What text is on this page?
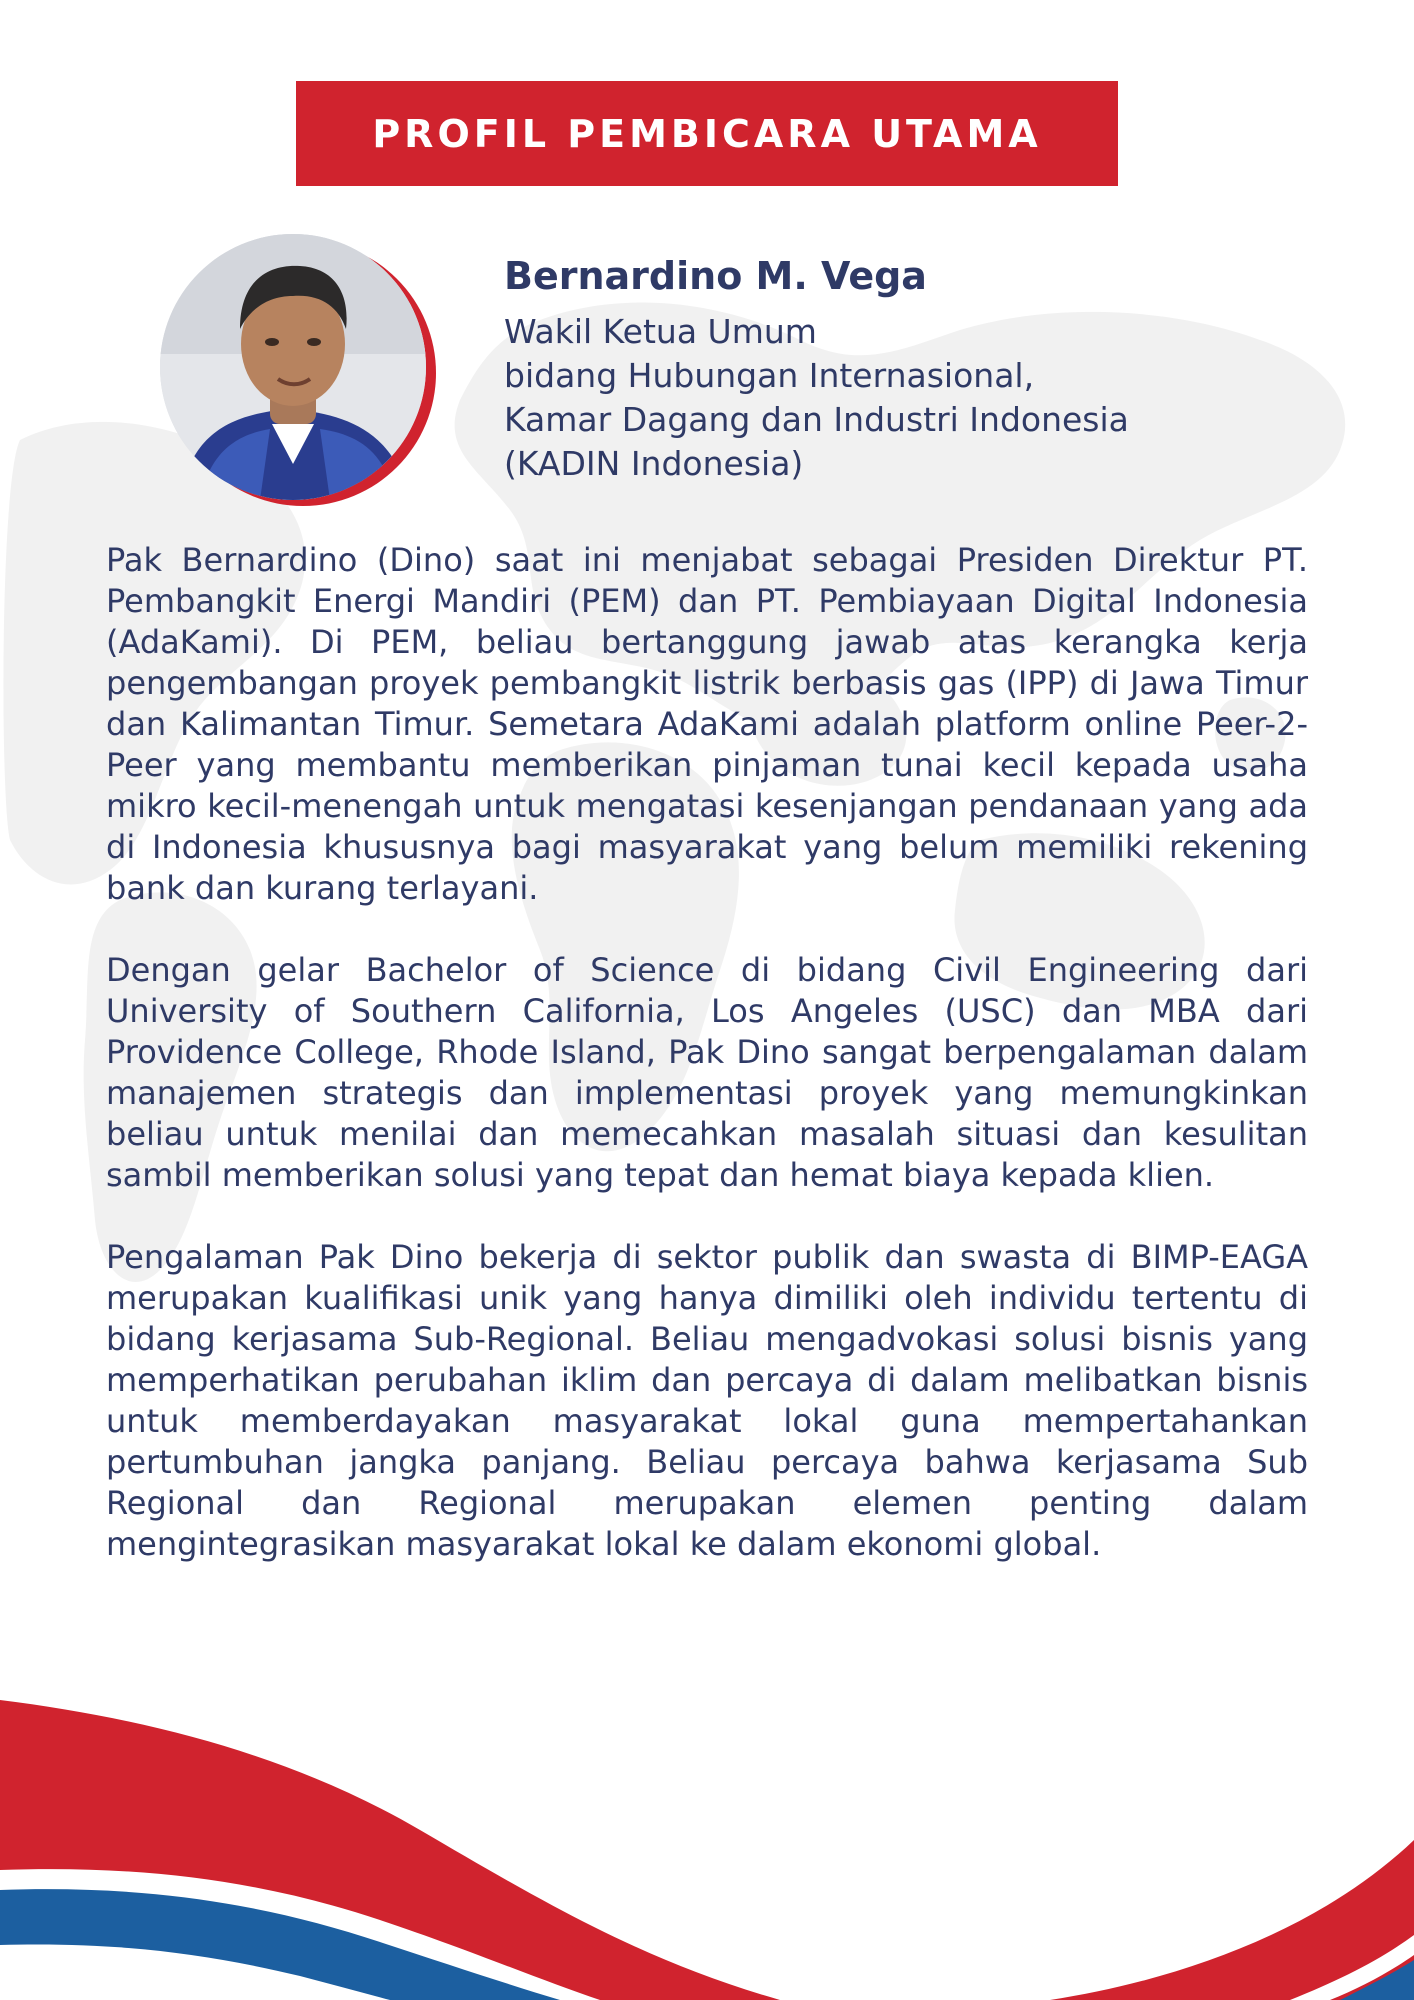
PROFIL PEMBICARA UTAMA
Bernardino M. Vega
Wakil Ketua Umum
bidang Hubungan Internasional,
Kamar Dagang dan Industri Indonesia
(KADIN Indonesia)

Pak Bernardino (Dino) saat ini menjabat sebagai Presiden Direktur PT. Pembangkit Energi Mandiri (PEM) dan PT. Pembiayaan Digital Indonesia (AdaKami). Di PEM, beliau bertanggung jawab atas kerangka kerja pengembangan proyek pembangkit listrik berbasis gas (IPP) di Jawa Timur dan Kalimantan Timur. Semetara AdaKami adalah platform online Peer-2- Peer yang membantu memberikan pinjaman tunai kecil kepada usaha mikro kecil-menengah untuk mengatasi kesenjangan pendanaan yang ada di Indonesia khususnya bagi masyarakat yang belum memiliki rekening bank dan kurang terlayani.

Dengan gelar Bachelor of Science di bidang Civil Engineering dari University of Southern California, Los Angeles (USC) dan MBA dari Providence College, Rhode Island, Pak Dino sangat berpengalaman dalam manajemen strategis dan implementasi proyek yang memungkinkan beliau untuk menilai dan memecahkan masalah situasi dan kesulitan sambil memberikan solusi yang tepat dan hemat biaya kepada klien.

Pengalaman Pak Dino bekerja di sektor publik dan swasta di BIMP-EAGA merupakan kualifikasi unik yang hanya dimiliki oleh individu tertentu di bidang kerjasama Sub-Regional. Beliau mengadvokasi solusi bisnis yang memperhatikan perubahan iklim dan percaya di dalam melibatkan bisnis untuk memberdayakan masyarakat lokal guna mempertahankan pertumbuhan jangka panjang. Beliau percaya bahwa kerjasama Sub Regional dan Regional merupakan elemen penting dalam mengintegrasikan masyarakat lokal ke dalam ekonomi global.
